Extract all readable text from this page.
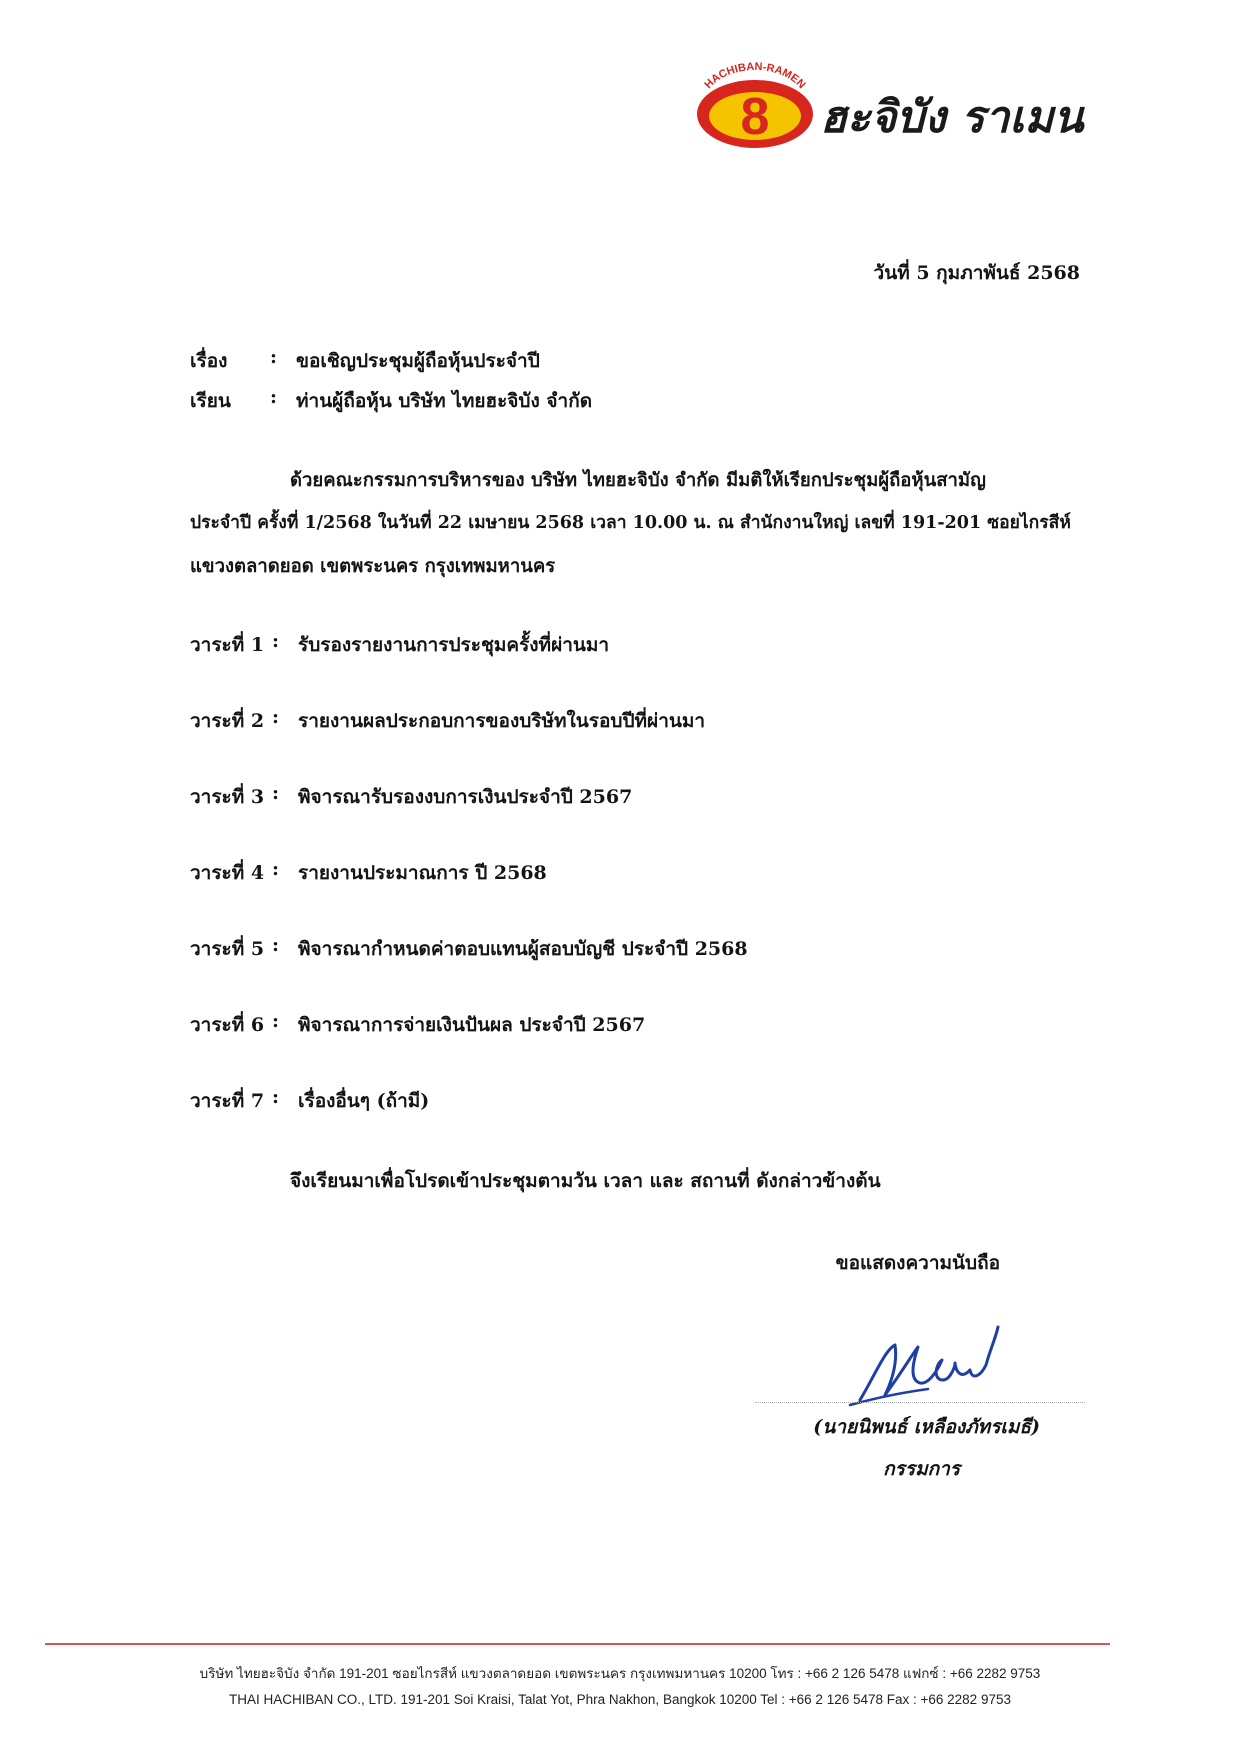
HACHIBAN-RAMEN
8 ฮะจิบัง ราเมน
วันที่ 5 กุมภาพันธ์ 2568
เรื่อง	: ขอเชิญประชุมผู้ถือหุ้นประจำปี
เรียน	: ท่านผู้ถือหุ้น บริษัท ไทยฮะจิบัง จำกัด
ด้วยคณะกรรมการบริหารของ บริษัท ไทยฮะจิบัง จำกัด มีมติให้เรียกประชุมผู้ถือหุ้นสามัญ
ประจำปี ครั้งที่ 1/2568 ในวันที่ 22 เมษายน 2568 เวลา 10.00 น. ณ สำนักงานใหญ่ เลขที่ 191-201 ซอยไกรสีห์
แขวงตลาดยอด เขตพระนคร กรุงเทพมหานคร
วาระที่ 1 : รับรองรายงานการประชุมครั้งที่ผ่านมา
วาระที่ 2 : รายงานผลประกอบการของบริษัทในรอบปีที่ผ่านมา
วาระที่ 3 : พิจารณารับรองงบการเงินประจำปี 2567
วาระที่ 4 : รายงานประมาณการ ปี 2568
วาระที่ 5 : พิจารณากำหนดค่าตอบแทนผู้สอบบัญชี ประจำปี 2568
วาระที่ 6 : พิจารณาการจ่ายเงินปันผล ประจำปี 2567
วาระที่ 7 : เรื่องอื่นๆ (ถ้ามี)
จึงเรียนมาเพื่อโปรดเข้าประชุมตามวัน เวลา และ สถานที่ ดังกล่าวข้างต้น
ขอแสดงความนับถือ
(นายนิพนธ์ เหลืองภัทรเมธี)
กรรมการ
บริษัท ไทยฮะจิบัง จำกัด 191-201 ซอยไกรสีห์ แขวงตลาดยอด เขตพระนคร กรุงเทพมหานคร 10200 โทร : +66 2 126 5478 แฟกซ์ : +66 2282 9753
THAI HACHIBAN CO., LTD. 191-201 Soi Kraisi, Talat Yot, Phra Nakhon, Bangkok 10200 Tel : +66 2 126 5478 Fax : +66 2282 9753
